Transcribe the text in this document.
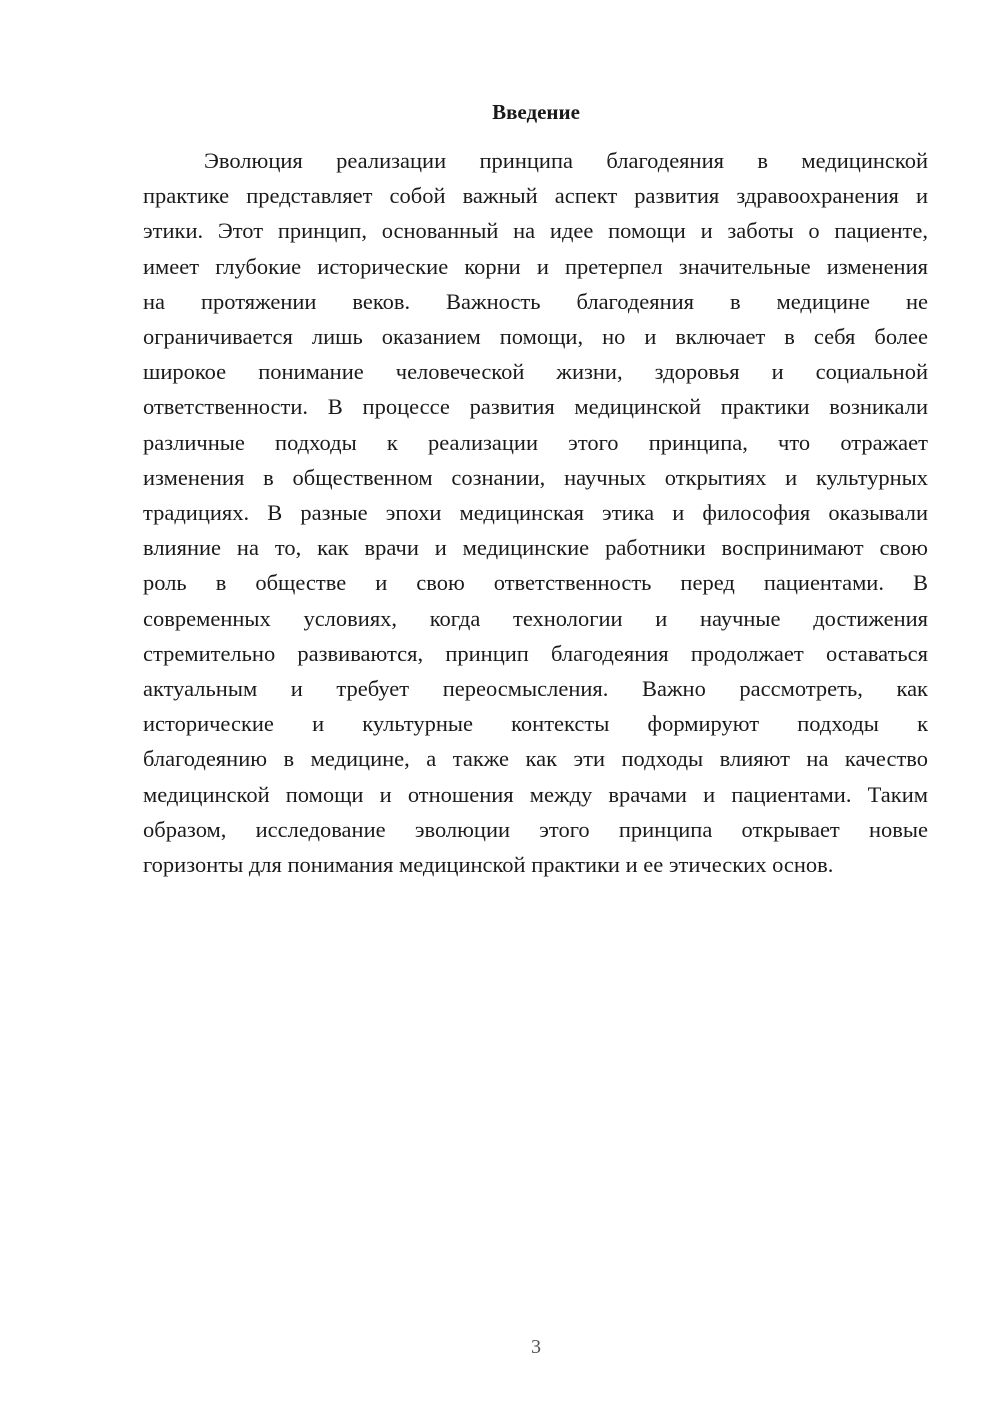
Введение
Эволюция реализации принципа благодеяния в медицинской
практике представляет собой важный аспект развития здравоохранения и
этики. Этот принцип, основанный на идее помощи и заботы о пациенте,
имеет глубокие исторические корни и претерпел значительные изменения
на протяжении веков. Важность благодеяния в медицине не
ограничивается лишь оказанием помощи, но и включает в себя более
широкое понимание человеческой жизни, здоровья и социальной
ответственности. В процессе развития медицинской практики возникали
различные подходы к реализации этого принципа, что отражает
изменения в общественном сознании, научных открытиях и культурных
традициях. В разные эпохи медицинская этика и философия оказывали
влияние на то, как врачи и медицинские работники воспринимают свою
роль в обществе и свою ответственность перед пациентами. В
современных условиях, когда технологии и научные достижения
стремительно развиваются, принцип благодеяния продолжает оставаться
актуальным и требует переосмысления. Важно рассмотреть, как
исторические и культурные контексты формируют подходы к
благодеянию в медицине, а также как эти подходы влияют на качество
медицинской помощи и отношения между врачами и пациентами. Таким
образом, исследование эволюции этого принципа открывает новые
горизонты для понимания медицинской практики и ее этических основ.

3
